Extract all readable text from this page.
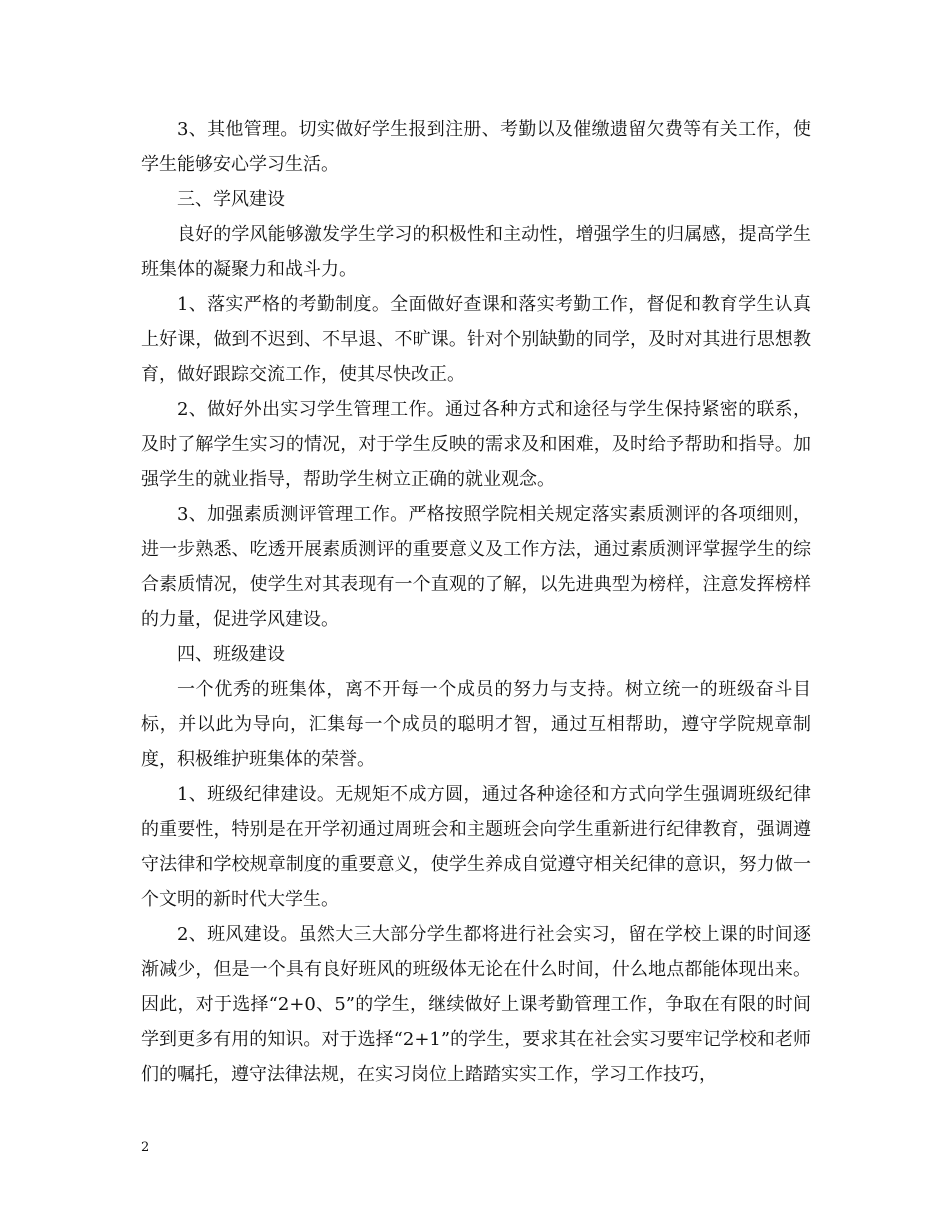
3、其他管理。切实做好学生报到注册、考勤以及催缴遗留欠费等有关工作，使学生能够安心学习生活。

三、学风建设

良好的学风能够激发学生学习的积极性和主动性，增强学生的归属感，提高学生班集体的凝聚力和战斗力。

1、落实严格的考勤制度。全面做好查课和落实考勤工作，督促和教育学生认真上好课，做到不迟到、不早退、不旷课。针对个别缺勤的同学，及时对其进行思想教育，做好跟踪交流工作，使其尽快改正。

2、做好外出实习学生管理工作。通过各种方式和途径与学生保持紧密的联系，及时了解学生实习的情况，对于学生反映的需求及和困难，及时给予帮助和指导。加强学生的就业指导，帮助学生树立正确的就业观念。

3、加强素质测评管理工作。严格按照学院相关规定落实素质测评的各项细则，进一步熟悉、吃透开展素质测评的重要意义及工作方法，通过素质测评掌握学生的综合素质情况，使学生对其表现有一个直观的了解，以先进典型为榜样，注意发挥榜样的力量，促进学风建设。

四、班级建设

一个优秀的班集体，离不开每一个成员的努力与支持。树立统一的班级奋斗目标，并以此为导向，汇集每一个成员的聪明才智，通过互相帮助，遵守学院规章制度，积极维护班集体的荣誉。

1、班级纪律建设。无规矩不成方圆，通过各种途径和方式向学生强调班级纪律的重要性，特别是在开学初通过周班会和主题班会向学生重新进行纪律教育，强调遵守法律和学校规章制度的重要意义，使学生养成自觉遵守相关纪律的意识，努力做一个文明的新时代大学生。

2、班风建设。虽然大三大部分学生都将进行社会实习，留在学校上课的时间逐渐减少，但是一个具有良好班风的班级体无论在什么时间，什么地点都能体现出来。因此，对于选择“2+0、5”的学生，继续做好上课考勤管理工作，争取在有限的时间学到更多有用的知识。对于选择“2+1”的学生，要求其在社会实习要牢记学校和老师们的嘱托，遵守法律法规，在实习岗位上踏踏实实工作，学习工作技巧，

2
